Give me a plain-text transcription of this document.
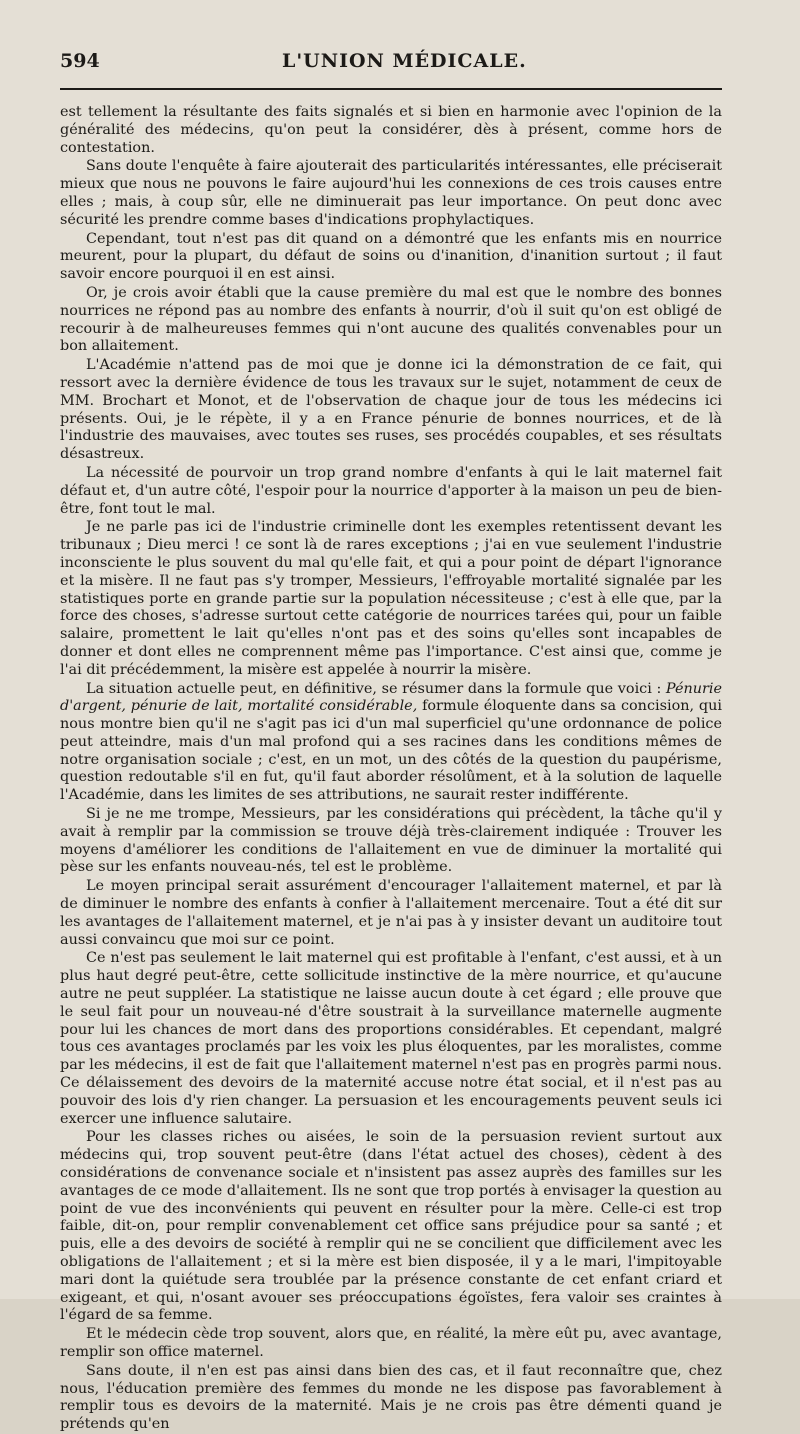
594	L'UNION MÉDICALE.

est tellement la résultante des faits signalés et si bien en harmonie avec l'opinion de la généralité des médecins, qu'on peut la considérer, dès à présent, comme hors de contestation.

Sans doute l'enquête à faire ajouterait des particularités intéressantes, elle préciserait mieux que nous ne pouvons le faire aujourd'hui les connexions de ces trois causes entre elles ; mais, à coup sûr, elle ne diminuerait pas leur importance. On peut donc avec sécurité les prendre comme bases d'indications prophylactiques.

Cependant, tout n'est pas dit quand on a démontré que les enfants mis en nourrice meurent, pour la plupart, du défaut de soins ou d'inanition, d'inanition surtout ; il faut savoir encore pourquoi il en est ainsi.

Or, je crois avoir établi que la cause première du mal est que le nombre des bonnes nourrices ne répond pas au nombre des enfants à nourrir, d'où il suit qu'on est obligé de recourir à de malheureuses femmes qui n'ont aucune des qualités convenables pour un bon allaitement.

L'Académie n'attend pas de moi que je donne ici la démonstration de ce fait, qui ressort avec la dernière évidence de tous les travaux sur le sujet, notamment de ceux de MM. Brochart et Monot, et de l'observation de chaque jour de tous les médecins ici présents. Oui, je le répète, il y a en France pénurie de bonnes nourrices, et de là l'industrie des mauvaises, avec toutes ses ruses, ses procédés coupables, et ses résultats désastreux.

La nécessité de pourvoir un trop grand nombre d'enfants à qui le lait maternel fait défaut et, d'un autre côté, l'espoir pour la nourrice d'apporter à la maison un peu de bien-être, font tout le mal.

Je ne parle pas ici de l'industrie criminelle dont les exemples retentissent devant les tribunaux ; Dieu merci ! ce sont là de rares exceptions ; j'ai en vue seulement l'industrie inconsciente le plus souvent du mal qu'elle fait, et qui a pour point de départ l'ignorance et la misère. Il ne faut pas s'y tromper, Messieurs, l'effroyable mortalité signalée par les statistiques porte en grande partie sur la population nécessiteuse ; c'est à elle que, par la force des choses, s'adresse surtout cette catégorie de nourrices tarées qui, pour un faible salaire, promettent le lait qu'elles n'ont pas et des soins qu'elles sont incapables de donner et dont elles ne comprennent même pas l'importance. C'est ainsi que, comme je l'ai dit précédemment, la misère est appelée à nourrir la misère.

La situation actuelle peut, en définitive, se résumer dans la formule que voici : Pénurie d'argent, pénurie de lait, mortalité considérable, formule éloquente dans sa concision, qui nous montre bien qu'il ne s'agit pas ici d'un mal superficiel qu'une ordonnance de police peut atteindre, mais d'un mal profond qui a ses racines dans les conditions mêmes de notre organisation sociale ; c'est, en un mot, un des côtés de la question du paupérisme, question redoutable s'il en fut, qu'il faut aborder résolûment, et à la solution de laquelle l'Académie, dans les limites de ses attributions, ne saurait rester indifférente.

Si je ne me trompe, Messieurs, par les considérations qui précèdent, la tâche qu'il y avait à remplir par la commission se trouve déjà très-clairement indiquée : Trouver les moyens d'améliorer les conditions de l'allaitement en vue de diminuer la mortalité qui pèse sur les enfants nouveau-nés, tel est le problème.

Le moyen principal serait assurément d'encourager l'allaitement maternel, et par là de diminuer le nombre des enfants à confier à l'allaitement mercenaire. Tout a été dit sur les avantages de l'allaitement maternel, et je n'ai pas à y insister devant un auditoire tout aussi convaincu que moi sur ce point.

Ce n'est pas seulement le lait maternel qui est profitable à l'enfant, c'est aussi, et à un plus haut degré peut-être, cette sollicitude instinctive de la mère nourrice, et qu'aucune autre ne peut suppléer. La statistique ne laisse aucun doute à cet égard ; elle prouve que le seul fait pour un nouveau-né d'être soustrait à la surveillance maternelle augmente pour lui les chances de mort dans des proportions considérables. Et cependant, malgré tous ces avantages proclamés par les voix les plus éloquentes, par les moralistes, comme par les médecins, il est de fait que l'allaitement maternel n'est pas en progrès parmi nous. Ce délaissement des devoirs de la maternité accuse notre état social, et il n'est pas au pouvoir des lois d'y rien changer. La persuasion et les encouragements peuvent seuls ici exercer une influence salutaire.

Pour les classes riches ou aisées, le soin de la persuasion revient surtout aux médecins qui, trop souvent peut-être (dans l'état actuel des choses), cèdent à des considérations de convenance sociale et n'insistent pas assez auprès des familles sur les avantages de ce mode d'allaitement. Ils ne sont que trop portés à envisager la question au point de vue des inconvénients qui peuvent en résulter pour la mère. Celle-ci est trop faible, dit-on, pour remplir convenablement cet office sans préjudice pour sa santé ; et puis, elle a des devoirs de société à remplir qui ne se concilient que difficilement avec les obligations de l'allaitement ; et si la mère est bien disposée, il y a le mari, l'impitoyable mari dont la quiétude sera troublée par la présence constante de cet enfant criard et exigeant, et qui, n'osant avouer ses préoccupations égoïstes, fera valoir ses craintes à l'égard de sa femme.

Et le médecin cède trop souvent, alors que, en réalité, la mère eût pu, avec avantage, remplir son office maternel.

Sans doute, il n'en est pas ainsi dans bien des cas, et il faut reconnaître que, chez nous, l'éducation première des femmes du monde ne les dispose pas favorablement à remplir tous es devoirs de la maternité. Mais je ne crois pas être démenti quand je prétends qu'en
